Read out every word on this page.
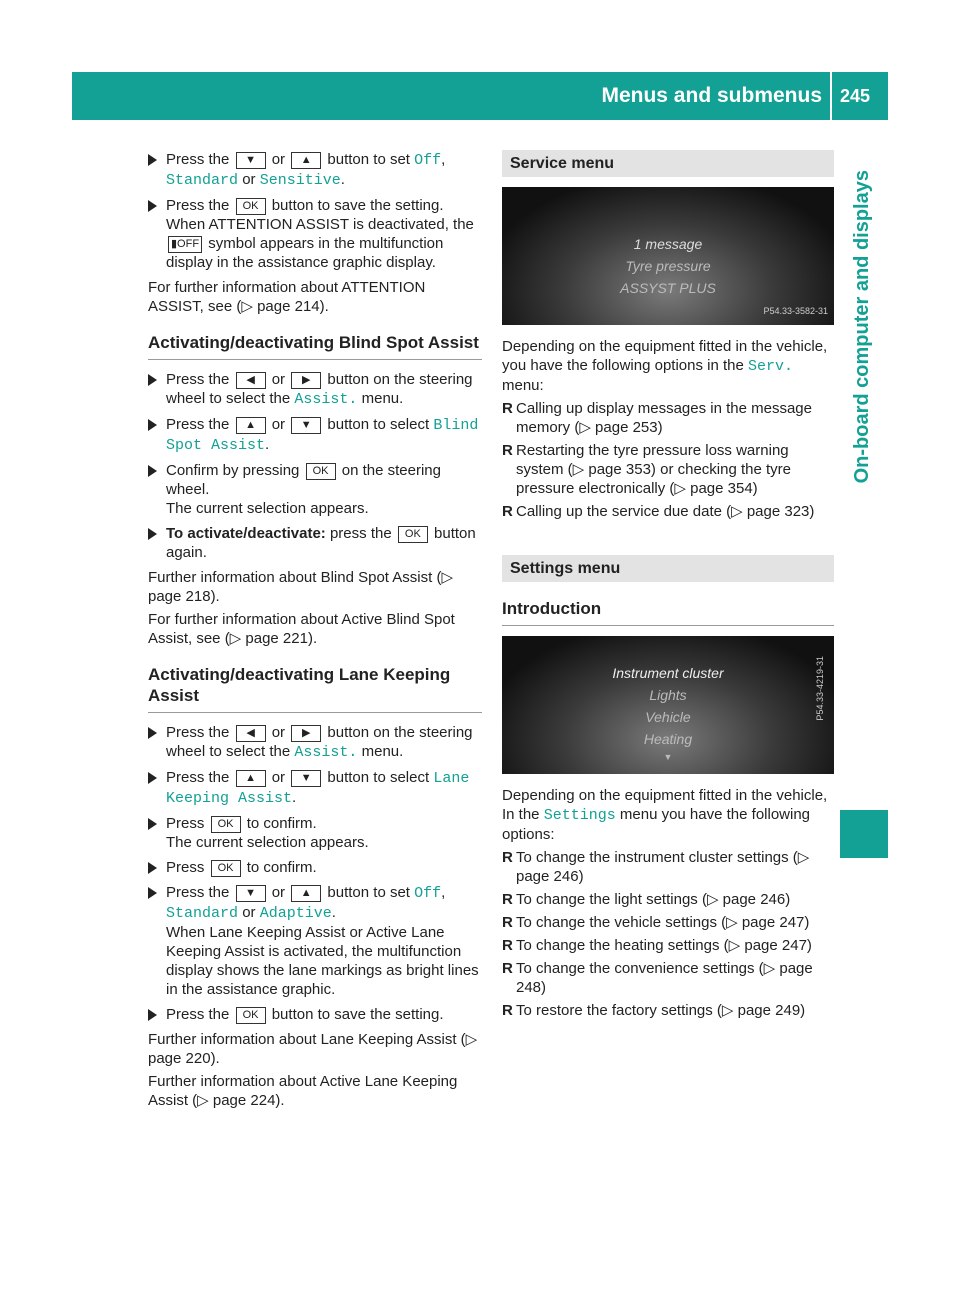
Menus and submenus 245
On-board computer and displays
Press the ▼ or ▲ button to set Off, Standard or Sensitive.
Press the OK button to save the setting. When ATTENTION ASSIST is deactivated, the ▮OFF symbol appears in the multifunction display in the assistance graphic display.
For further information about ATTENTION ASSIST, see (▷ page 214).
Activating/deactivating Blind Spot Assist
Press the ◀ or ▶ button on the steering wheel to select the Assist. menu.
Press the ▲ or ▼ button to select Blind Spot Assist.
Confirm by pressing OK on the steering wheel.
The current selection appears.
To activate/deactivate: press the OK button again.
Further information about Blind Spot Assist (▷ page 218).
For further information about Active Blind Spot Assist, see (▷ page 221).
Activating/deactivating Lane Keeping Assist
Press the ◀ or ▶ button on the steering wheel to select the Assist. menu.
Press the ▲ or ▼ button to select Lane Keeping Assist.
Press OK to confirm.
The current selection appears.
Press OK to confirm.
Press the ▼ or ▲ button to set Off, Standard or Adaptive.
When Lane Keeping Assist or Active Lane Keeping Assist is activated, the multifunction display shows the lane markings as bright lines in the assistance graphic.
Press the OK button to save the setting.
Further information about Lane Keeping Assist (▷ page 220).
Further information about Active Lane Keeping Assist (▷ page 224).
Service menu
1 message
Tyre pressure
ASSYST PLUS
P54.33-3582-31
Depending on the equipment fitted in the vehicle, you have the following options in the Serv. menu:
R Calling up display messages in the message memory (▷ page 253)
R Restarting the tyre pressure loss warning system (▷ page 353) or checking the tyre pressure electronically (▷ page 354)
R Calling up the service due date (▷ page 323)
Settings menu
Introduction
Instrument cluster
Lights
Vehicle
Heating
▼
P54.33-4219-31
Depending on the equipment fitted in the vehicle, In the Settings menu you have the following options:
R To change the instrument cluster settings (▷ page 246)
R To change the light settings (▷ page 246)
R To change the vehicle settings (▷ page 247)
R To change the heating settings (▷ page 247)
R To change the convenience settings (▷ page 248)
R To restore the factory settings (▷ page 249)
